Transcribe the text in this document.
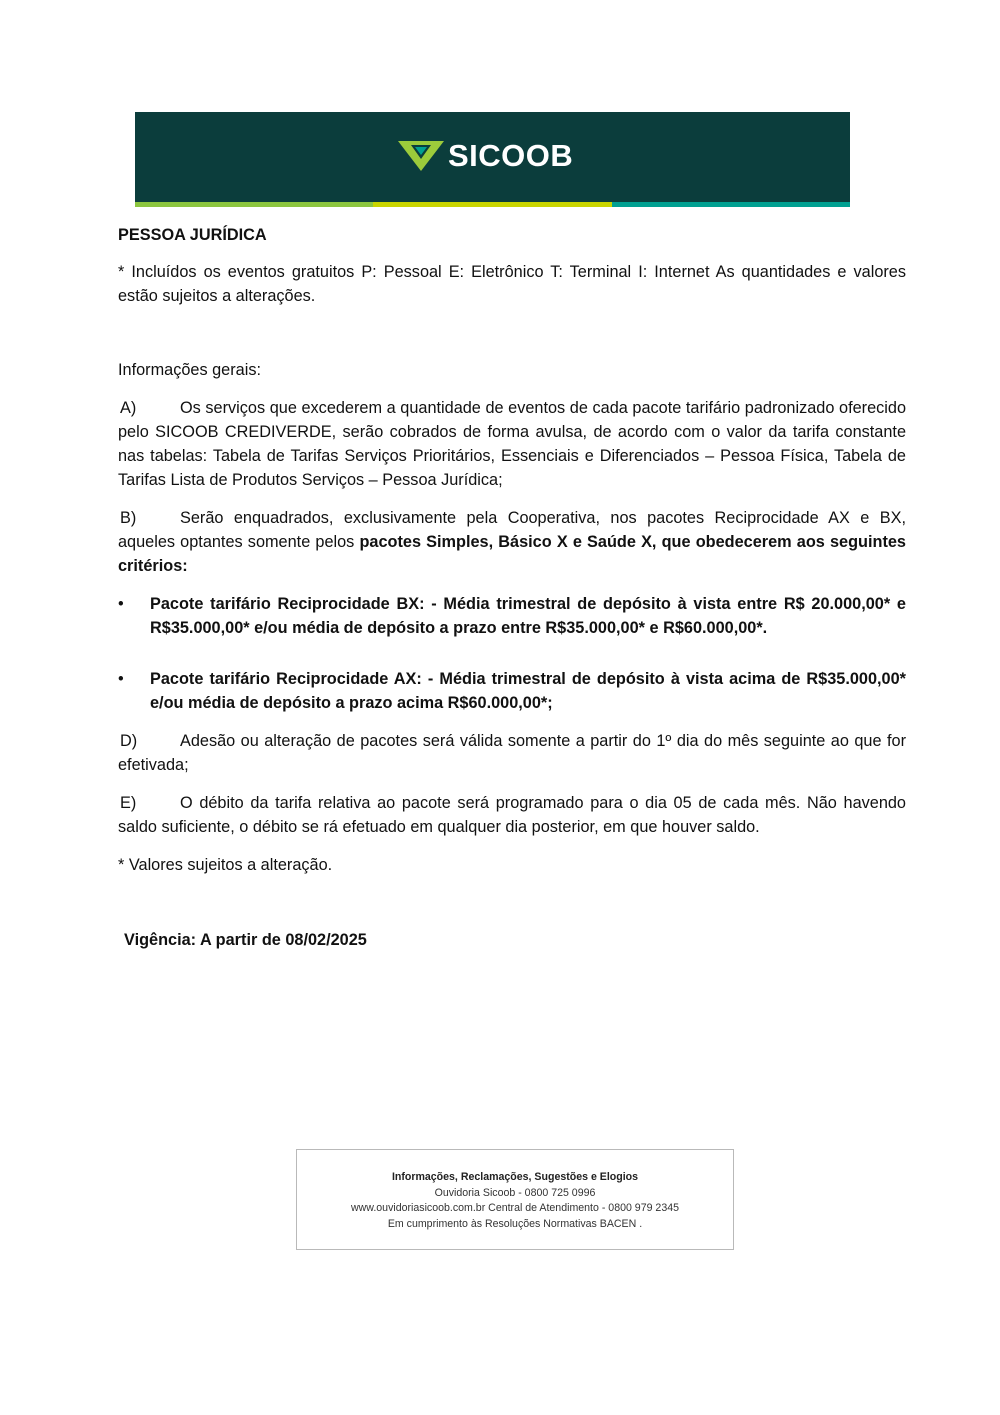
SICOOB
PESSOA JURÍDICA

* Incluídos os eventos gratuitos P: Pessoal E: Eletrônico T: Terminal I: Internet As quantidades e valores estão sujeitos a alterações.

Informações gerais:

A)	Os serviços que excederem a quantidade de eventos de cada pacote tarifário padronizado oferecido pelo SICOOB CREDIVERDE, serão cobrados de forma avulsa, de acordo com o valor da tarifa constante nas tabelas: Tabela de Tarifas Serviços Prioritários, Essenciais e Diferenciados – Pessoa Física, Tabela de Tarifas Lista de Produtos Serviços – Pessoa Jurídica;

B)	Serão enquadrados, exclusivamente pela Cooperativa, nos pacotes Reciprocidade AX e BX, aqueles optantes somente pelos pacotes Simples, Básico X e Saúde X, que obedecerem aos seguintes critérios:

• Pacote tarifário Reciprocidade BX: - Média trimestral de depósito à vista entre R$ 20.000,00* e R$35.000,00* e/ou média de depósito a prazo entre R$35.000,00* e R$60.000,00*.
• Pacote tarifário Reciprocidade AX: - Média trimestral de depósito à vista acima de R$35.000,00* e/ou média de depósito a prazo acima R$60.000,00*;

D)	Adesão ou alteração de pacotes será válida somente a partir do 1º dia do mês seguinte ao que for efetivada;

E)	O débito da tarifa relativa ao pacote será programado para o dia 05 de cada mês. Não havendo saldo suficiente, o débito se rá efetuado em qualquer dia posterior, em que houver saldo.

* Valores sujeitos a alteração.

Vigência: A partir de 08/02/2025

Informações, Reclamações, Sugestões e Elogios
Ouvidoria Sicoob - 0800 725 0996
www.ouvidoriasicoob.com.br Central de Atendimento - 0800 979 2345
Em cumprimento às Resoluções Normativas BACEN .
